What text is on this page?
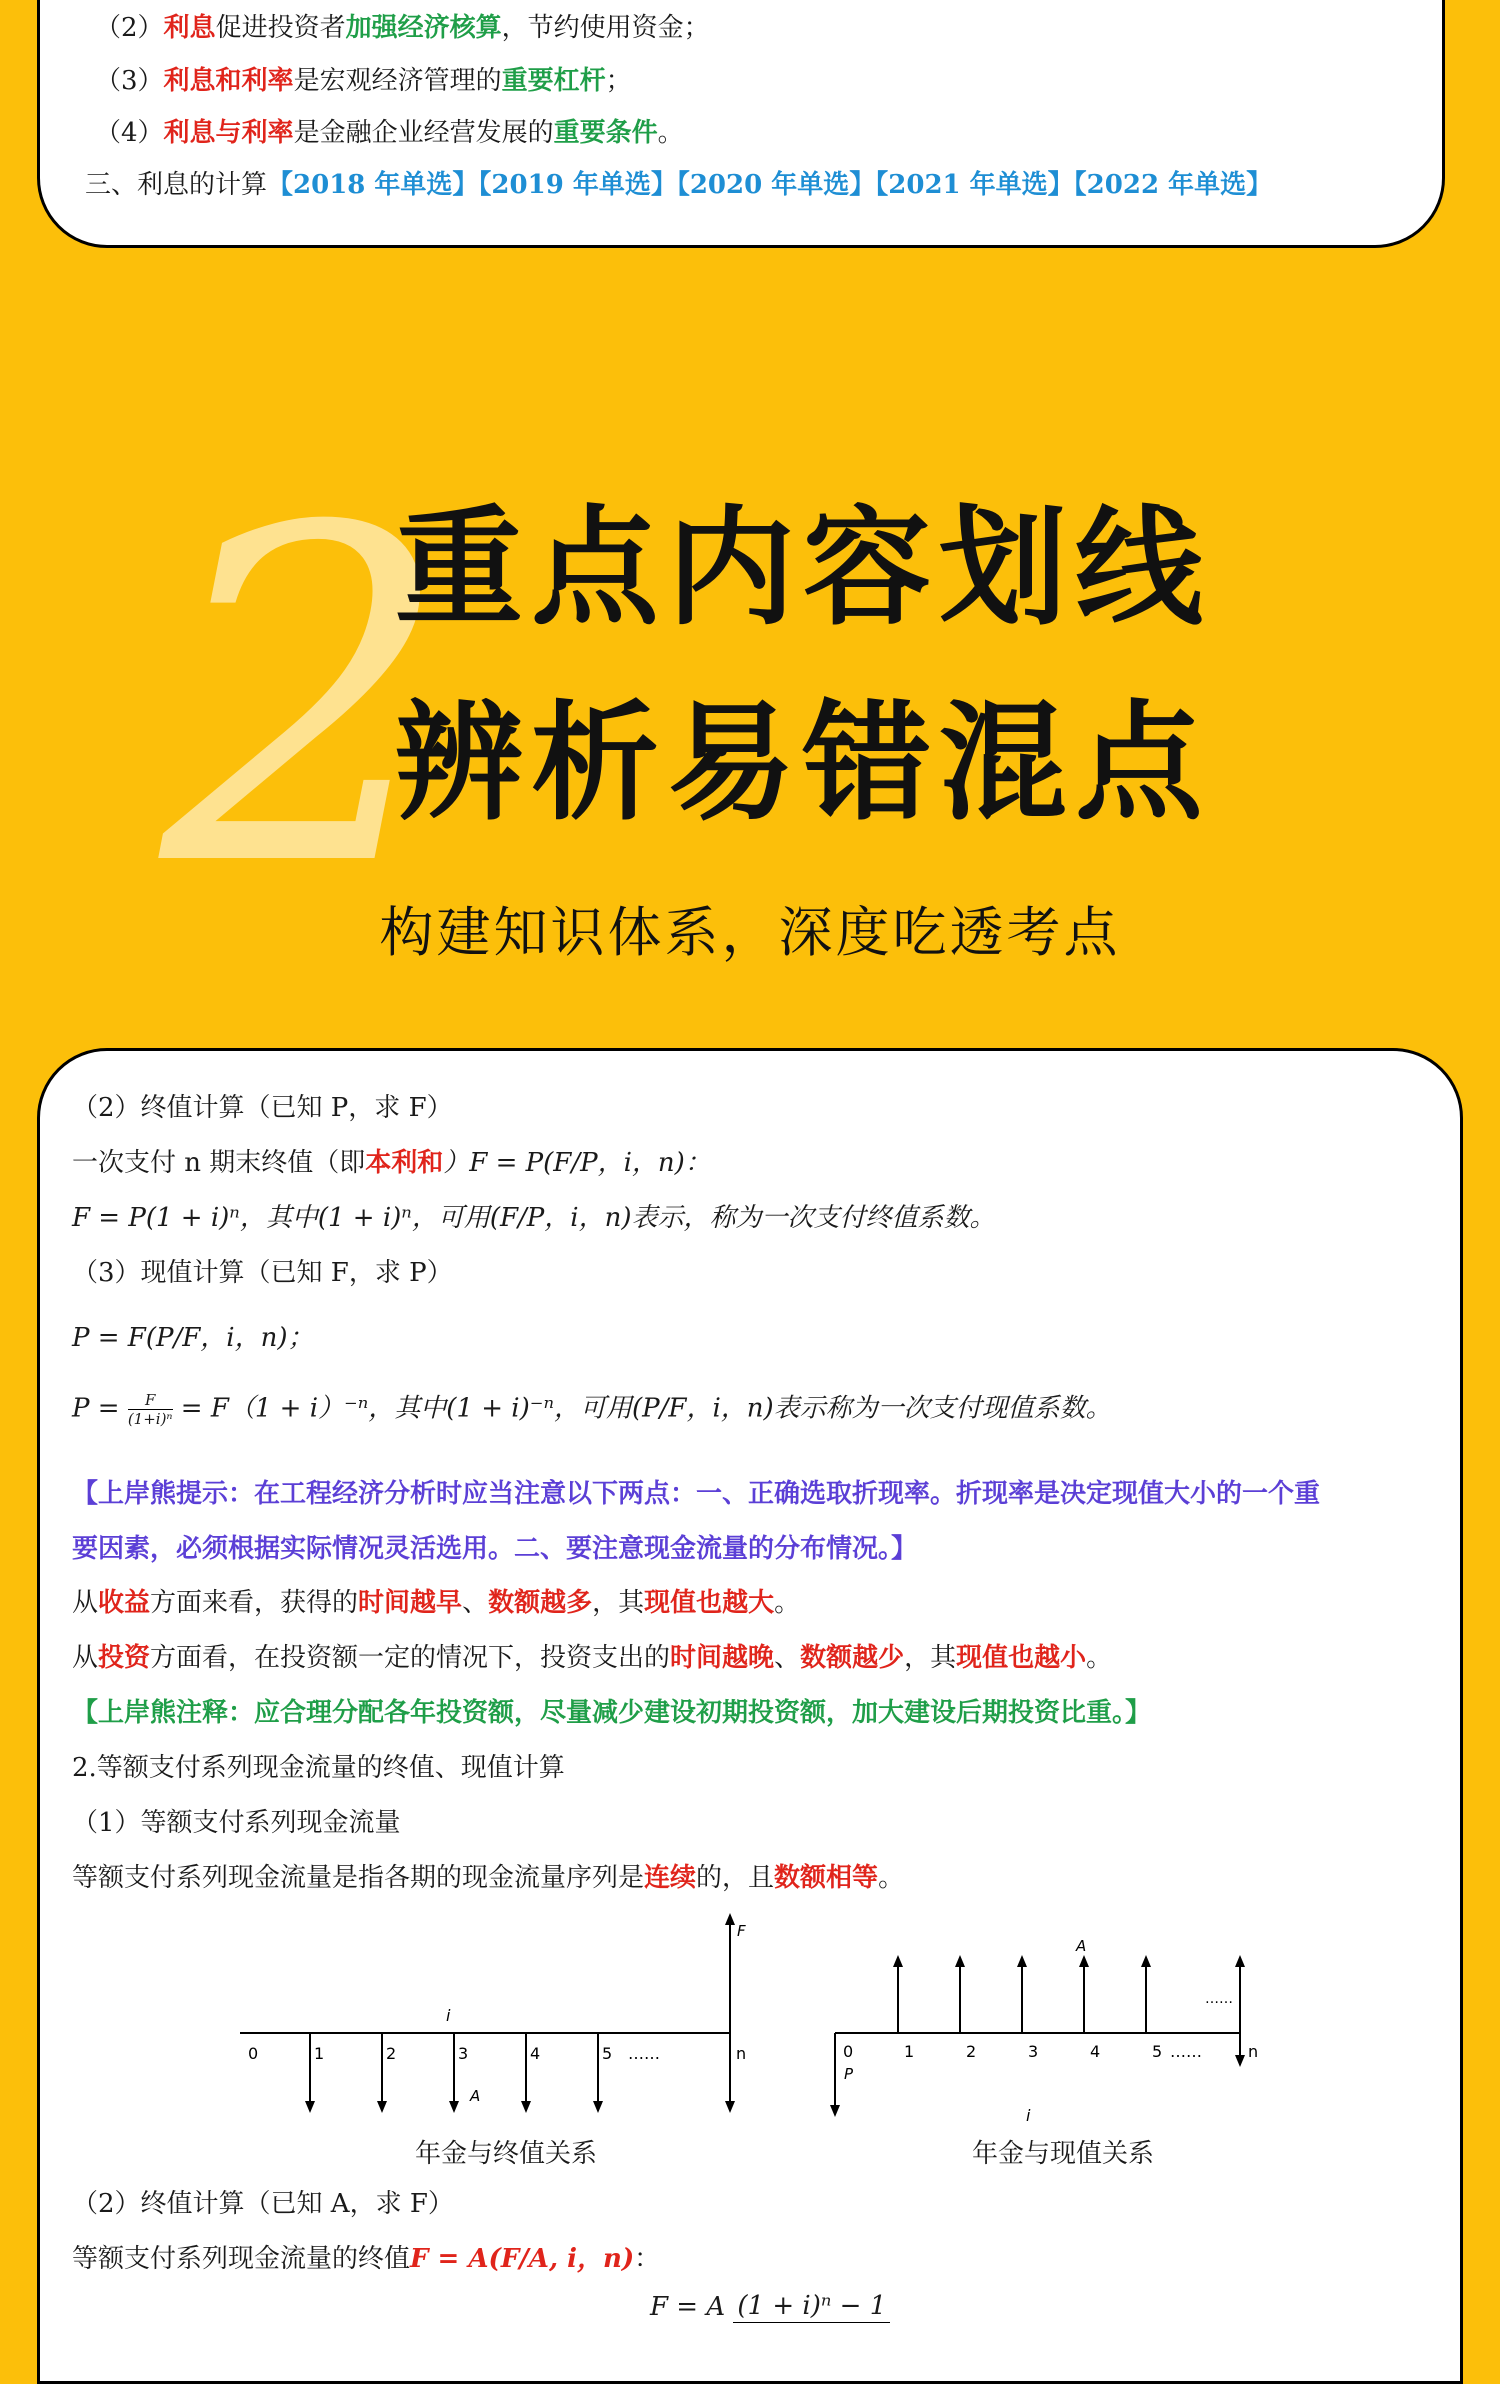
（2）利息促进投资者加强经济核算，节约使用资金；
（3）利息和利率是宏观经济管理的重要杠杆；
（4）利息与利率是金融企业经营发展的重要条件。
三、利息的计算【2018 年单选】【2019 年单选】【2020 年单选】【2021 年单选】【2022 年单选】
2
重点内容划线
辨析易错混点
构建知识体系，深度吃透考点
（2）终值计算（已知 P，求 F）
一次支付 n 期末终值（即本利和）F = P(F/P，i，n)：
F = P(1 + i)ⁿ，其中(1 + i)ⁿ，可用(F/P，i，n)表示，称为一次支付终值系数。
（3）现值计算（已知 F，求 P）
P = F(P/F，i，n)；
$P = \frac{F}{\text{(1+i)ⁿ}} = F(1 + i)^{-n}$，其中(1 + i)⁻ⁿ，可用(P/F，i，n)表示称为一次支付现值系数。
【上岸熊提示：在工程经济分析时应当注意以下两点：一、正确选取折现率。折现率是决定现值大小的一个重
要因素，必须根据实际情况灵活选用。二、要注意现金流量的分布情况。】
从收益方面来看，获得的时间越早、数额越多，其现值也越大。
从投资方面看，在投资额一定的情况下，投资支出的时间越晚、数额越少，其现值也越小。
【上岸熊注释：应合理分配各年投资额，尽量减少建设初期投资额，加大建设后期投资比重。】
2.等额支付系列现金流量的终值、现值计算
（1）等额支付系列现金流量
等额支付系列现金流量是指各期的现金流量序列是连续的，且数额相等。
F
0	1	2	3	4	5 ……	n
i
A
年金与终值关系
P
……
0	1	2	3	4	5 ……	n
A
i
年金与现值关系
（2）终值计算（已知 A，求 F）
等额支付系列现金流量的终值F = A(F/A, i，n)：
F = A (1 + i)ⁿ − 1
